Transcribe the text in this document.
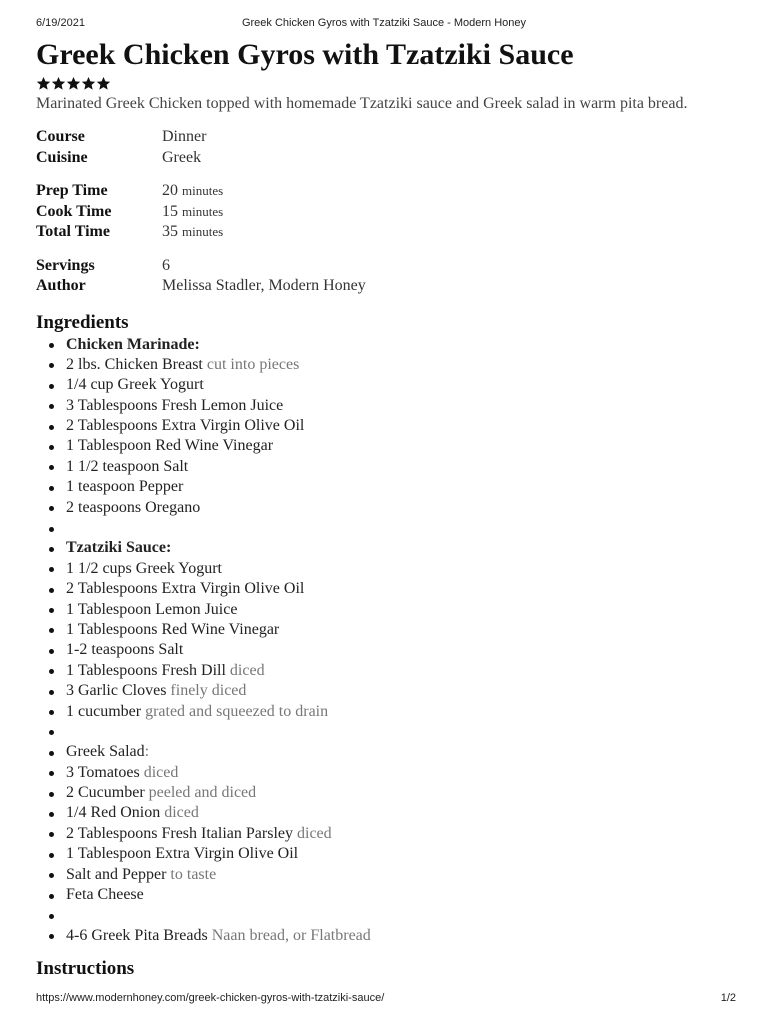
6/19/2021	Greek Chicken Gyros with Tzatziki Sauce - Modern Honey
Greek Chicken Gyros with Tzatziki Sauce
Marinated Greek Chicken topped with homemade Tzatziki sauce and Greek salad in warm pita bread.
Course	Dinner
Cuisine	Greek
Prep Time	20 minutes
Cook Time	15 minutes
Total Time	35 minutes
Servings	6
Author	Melissa Stadler, Modern Honey
Ingredients
Chicken Marinade:
2 lbs. Chicken Breast cut into pieces
1/4 cup Greek Yogurt
3 Tablespoons Fresh Lemon Juice
2 Tablespoons Extra Virgin Olive Oil
1 Tablespoon Red Wine Vinegar
1 1/2 teaspoon Salt
1 teaspoon Pepper
2 teaspoons Oregano
Tzatziki Sauce:
1 1/2 cups Greek Yogurt
2 Tablespoons Extra Virgin Olive Oil
1 Tablespoon Lemon Juice
1 Tablespoons Red Wine Vinegar
1-2 teaspoons Salt
1 Tablespoons Fresh Dill diced
3 Garlic Cloves finely diced
1 cucumber grated and squeezed to drain
Greek Salad:
3 Tomatoes diced
2 Cucumber peeled and diced
1/4 Red Onion diced
2 Tablespoons Fresh Italian Parsley diced
1 Tablespoon Extra Virgin Olive Oil
Salt and Pepper to taste
Feta Cheese
4-6 Greek Pita Breads Naan bread, or Flatbread
Instructions
https://www.modernhoney.com/greek-chicken-gyros-with-tzatziki-sauce/	1/2
